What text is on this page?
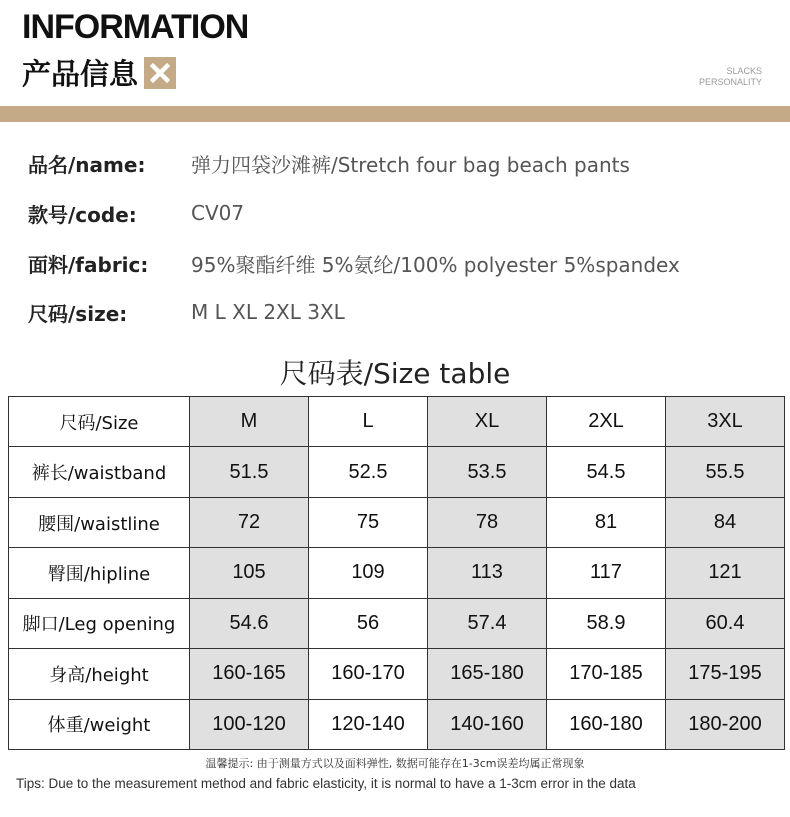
INFORMATION
产品信息	SLACKS
PERSONALITY
品名/name:	弹力四袋沙滩裤/Stretch four bag beach pants
款号/code:	CV07
面料/fabric:	95%聚酯纤维 5%氨纶/100% polyester 5%spandex
尺码/size:	M L XL 2XL 3XL
尺码表/Size table
尺码/Size	M	L	XL	2XL	3XL
裤长/waistband	51.5	52.5	53.5	54.5	55.5
腰围/waistline	72	75	78	81	84
臀围/hipline	105	109	113	117	121
脚口/Leg opening	54.6	56	57.4	58.9	60.4
身高/height	160-165	160-170	165-180	170-185	175-195
体重/weight	100-120	120-140	140-160	160-180	180-200
温馨提示: 由于测量方式以及面料弹性, 数据可能存在1-3cm误差均属正常现象
Tips: Due to the measurement method and fabric elasticity, it is normal to have a 1-3cm error in the data
